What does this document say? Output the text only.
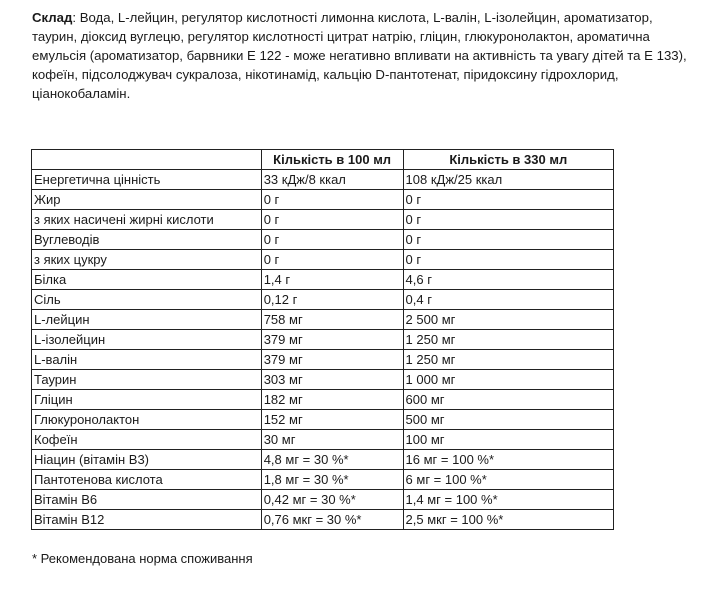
Склад: Вода, L-лейцин, регулятор кислотності лимонна кислота, L-валін, L-ізолейцин, ароматизатор, таурин, діоксид вуглецю, регулятор кислотності цитрат натрію, гліцин, глюкуронолактон, ароматична емульсія (ароматизатор, барвники E 122 - може негативно впливати на активність та увагу дітей та E 133), кофеїн, підсолоджувач сукралоза, нікотинамід, кальцію D-пантотенат, піридоксину гідрохлорид, ціанокобаламін.
	Кількість в 100 мл	Кількість в 330 мл
Енергетична цінність	33 кДж/8 ккал	108 кДж/25 ккал
Жир	0 г	0 г
з яких насичені жирні кислоти	0 г	0 г
Вуглеводів	0 г	0 г
з яких цукру	0 г	0 г
Білка	1,4 г	4,6 г
Сіль	0,12 г	0,4 г
L-лейцин	758 мг	2 500 мг
L-ізолейцин	379 мг	1 250 мг
L-валін	379 мг	1 250 мг
Таурин	303 мг	1 000 мг
Гліцин	182 мг	600 мг
Глюкуронолактон	152 мг	500 мг
Кофеїн	30 мг	100 мг
Ніацин (вітамін B3)	4,8 мг = 30 %*	16 мг = 100 %*
Пантотенова кислота	1,8 мг = 30 %*	6 мг = 100 %*
Вітамін B6	0,42 мг = 30 %*	1,4 мг = 100 %*
Вітамін B12	0,76 мкг = 30 %*	2,5 мкг = 100 %*
* Рекомендована норма споживання
